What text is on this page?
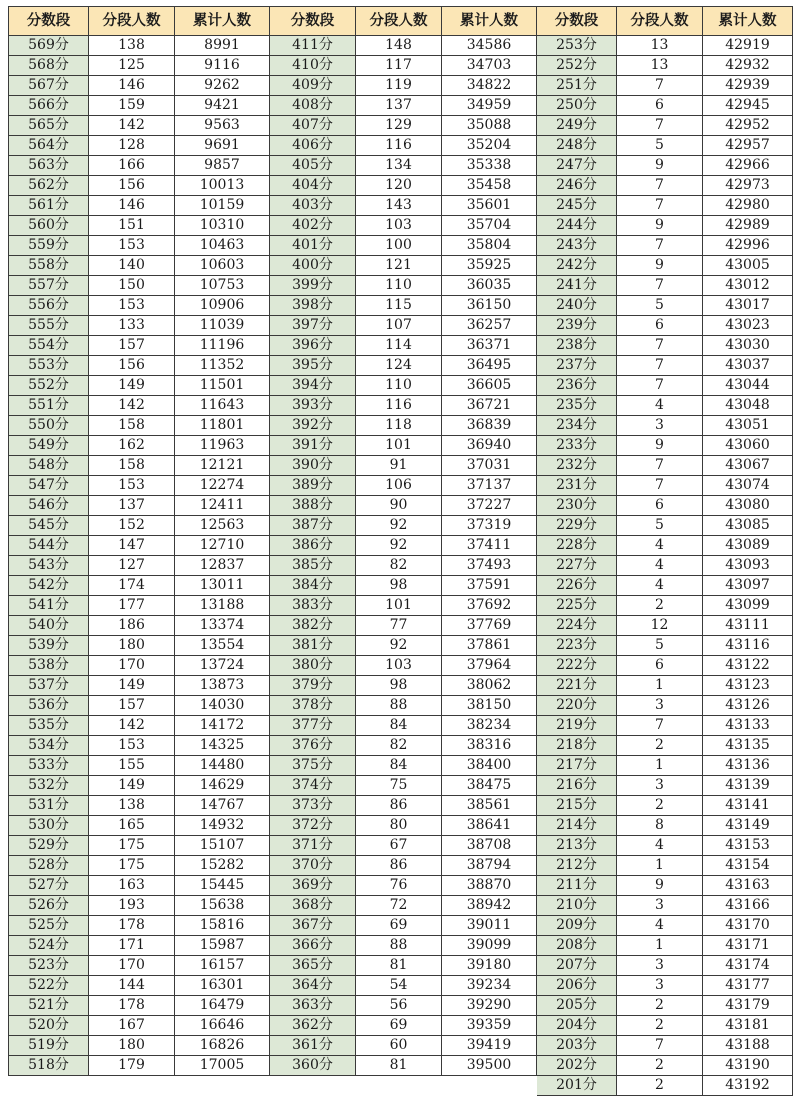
分数段	分段人数	累计人数	分数段	分段人数	累计人数	分数段	分段人数	累计人数
569分	138	8991	411分	148	34586	253分	13	42919
568分	125	9116	410分	117	34703	252分	13	42932
567分	146	9262	409分	119	34822	251分	7	42939
566分	159	9421	408分	137	34959	250分	6	42945
565分	142	9563	407分	129	35088	249分	7	42952
564分	128	9691	406分	116	35204	248分	5	42957
563分	166	9857	405分	134	35338	247分	9	42966
562分	156	10013	404分	120	35458	246分	7	42973
561分	146	10159	403分	143	35601	245分	7	42980
560分	151	10310	402分	103	35704	244分	9	42989
559分	153	10463	401分	100	35804	243分	7	42996
558分	140	10603	400分	121	35925	242分	9	43005
557分	150	10753	399分	110	36035	241分	7	43012
556分	153	10906	398分	115	36150	240分	5	43017
555分	133	11039	397分	107	36257	239分	6	43023
554分	157	11196	396分	114	36371	238分	7	43030
553分	156	11352	395分	124	36495	237分	7	43037
552分	149	11501	394分	110	36605	236分	7	43044
551分	142	11643	393分	116	36721	235分	4	43048
550分	158	11801	392分	118	36839	234分	3	43051
549分	162	11963	391分	101	36940	233分	9	43060
548分	158	12121	390分	91	37031	232分	7	43067
547分	153	12274	389分	106	37137	231分	7	43074
546分	137	12411	388分	90	37227	230分	6	43080
545分	152	12563	387分	92	37319	229分	5	43085
544分	147	12710	386分	92	37411	228分	4	43089
543分	127	12837	385分	82	37493	227分	4	43093
542分	174	13011	384分	98	37591	226分	4	43097
541分	177	13188	383分	101	37692	225分	2	43099
540分	186	13374	382分	77	37769	224分	12	43111
539分	180	13554	381分	92	37861	223分	5	43116
538分	170	13724	380分	103	37964	222分	6	43122
537分	149	13873	379分	98	38062	221分	1	43123
536分	157	14030	378分	88	38150	220分	3	43126
535分	142	14172	377分	84	38234	219分	7	43133
534分	153	14325	376分	82	38316	218分	2	43135
533分	155	14480	375分	84	38400	217分	1	43136
532分	149	14629	374分	75	38475	216分	3	43139
531分	138	14767	373分	86	38561	215分	2	43141
530分	165	14932	372分	80	38641	214分	8	43149
529分	175	15107	371分	67	38708	213分	4	43153
528分	175	15282	370分	86	38794	212分	1	43154
527分	163	15445	369分	76	38870	211分	9	43163
526分	193	15638	368分	72	38942	210分	3	43166
525分	178	15816	367分	69	39011	209分	4	43170
524分	171	15987	366分	88	39099	208分	1	43171
523分	170	16157	365分	81	39180	207分	3	43174
522分	144	16301	364分	54	39234	206分	3	43177
521分	178	16479	363分	56	39290	205分	2	43179
520分	167	16646	362分	69	39359	204分	2	43181
519分	180	16826	361分	60	39419	203分	7	43188
518分	179	17005	360分	81	39500	202分	2	43190
						201分	2	43192
